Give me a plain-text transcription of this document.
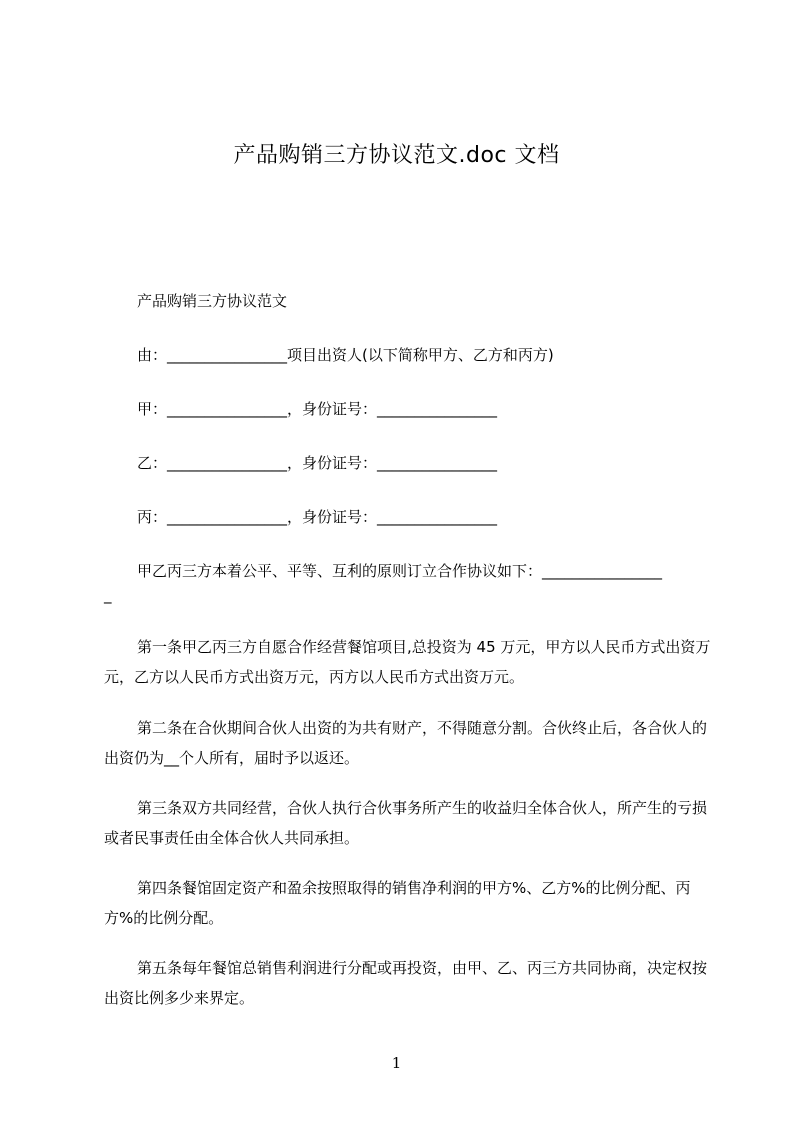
产品购销三方协议范文.doc 文档
产品购销三方协议范文
由：________________项目出资人(以下简称甲方、乙方和丙方)
甲：________________，身份证号：________________
乙：________________，身份证号：________________
丙：________________，身份证号：________________
甲乙丙三方本着公平、平等、互利的原则订立合作协议如下：________________
_

第一条甲乙丙三方自愿合作经营餐馆项目,总投资为 45 万元，甲方以人民币方式出资万元，乙方以人民币方式出资万元，丙方以人民币方式出资万元。

第二条在合伙期间合伙人出资的为共有财产，不得随意分割。合伙终止后，各合伙人的出资仍为__个人所有，届时予以返还。

第三条双方共同经营，合伙人执行合伙事务所产生的收益归全体合伙人，所产生的亏损或者民事责任由全体合伙人共同承担。

第四条餐馆固定资产和盈余按照取得的销售净利润的甲方%、乙方%的比例分配、丙方%的比例分配。

第五条每年餐馆总销售利润进行分配或再投资，由甲、乙、丙三方共同协商，决定权按出资比例多少来界定。

1
